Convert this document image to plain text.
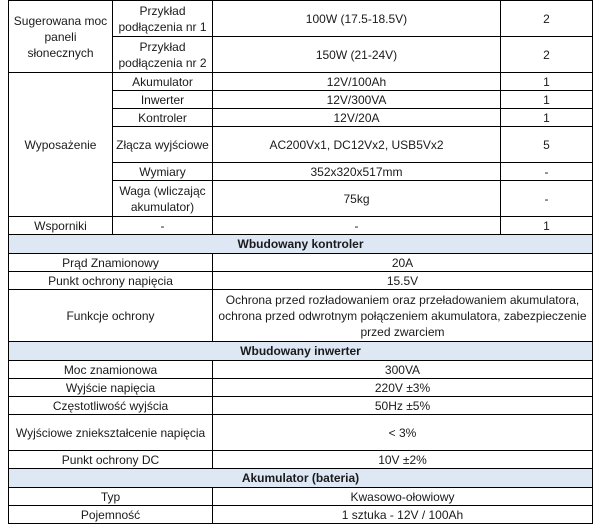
Sugerowana moc paneli słonecznych	Przykład podłączenia nr 1	100W (17.5-18.5V)	2
	Przykład podłączenia nr 2	150W (21-24V)	2
Wyposażenie	Akumulator	12V/100Ah	1
	Inwerter	12V/300VA	1
	Kontroler	12V/20A	1
	Złącza wyjściowe	AC200Vx1, DC12Vx2, USB5Vx2	5
	Wymiary	352x320x517mm	-
	Waga (wliczając akumulator)	75kg	-
Wsporniki	-	-	1
Wbudowany kontroler			
Prąd Znamionowy		20A	
Punkt ochrony napięcia		15.5V	
Funkcje ochrony		Ochrona przed rozładowaniem oraz przeładowaniem akumulatora, ochrona przed odwrotnym połączeniem akumulatora, zabezpieczenie przed zwarciem	
Wbudowany inwerter			
Moc znamionowa		300VA	
Wyjście napięcia		220V ±3%	
Częstotliwość wyjścia		50Hz ±5%	
Wyjściowe zniekształcenie napięcia		< 3%	
Punkt ochrony DC		10V ±2%	
Akumulator (bateria)			
Typ		Kwasowo-ołowiowy	
Pojemność		1 sztuka - 12V / 100Ah	
